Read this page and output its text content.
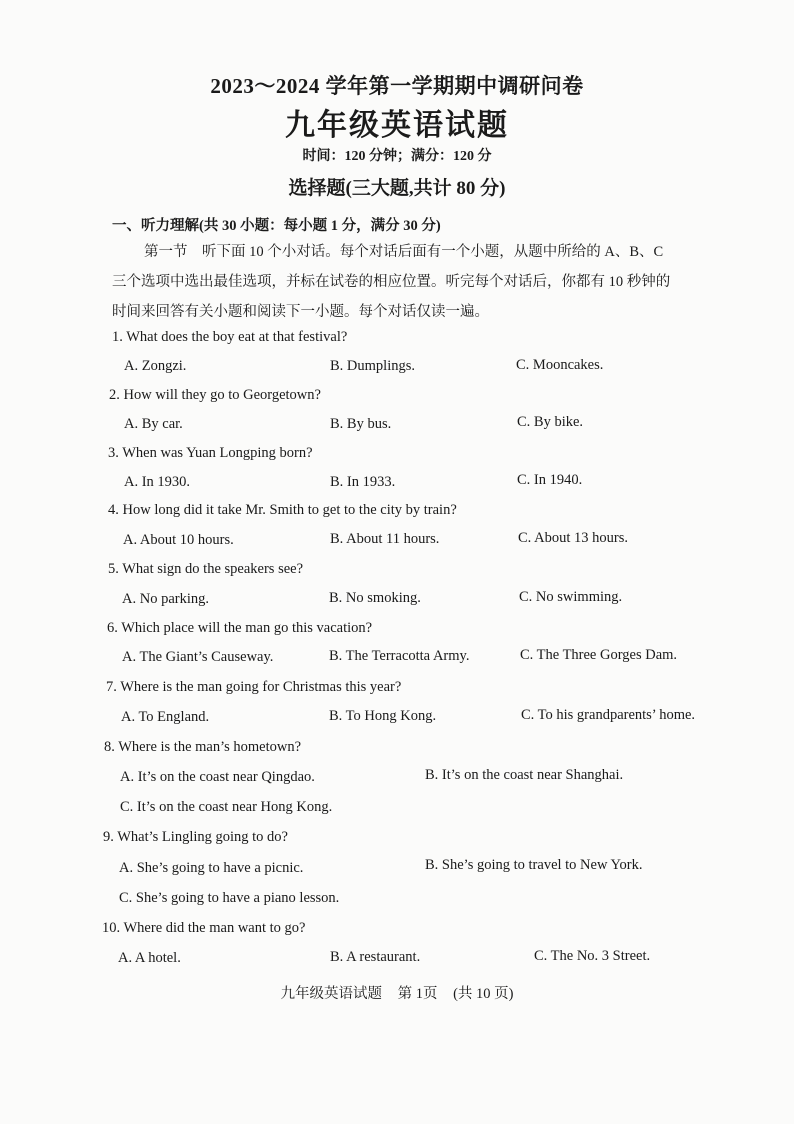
2023～2024 学年第一学期期中调研问卷
九年级英语试题
时间：120 分钟；满分：120 分
选择题(三大题,共计 80 分)
一、听力理解(共 30 小题：每小题 1 分，满分 30 分)

第一节　听下面 10 个小对话。每个对话后面有一个小题，从题中所给的 A、B、C

三个选项中选出最佳选项，并标在试卷的相应位置。听完每个对话后，你都有 10 秒钟的

时间来回答有关小题和阅读下一小题。每个对话仅读一遍。

1. What does the boy eat at that festival?
A. Zongzi.	B. Dumplings.	C. Mooncakes.
2. How will they go to Georgetown?
A. By car.	B. By bus.	C. By bike.
3. When was Yuan Longping born?
A. In 1930.	B. In 1933.	C. In 1940.
4. How long did it take Mr. Smith to get to the city by train?
A. About 10 hours.	B. About 11 hours.	C. About 13 hours.
5. What sign do the speakers see?
A. No parking.	B. No smoking.	C. No swimming.
6. Which place will the man go this vacation?
A. The Giant’s Causeway.	B. The Terracotta Army.	C. The Three Gorges Dam.
7. Where is the man going for Christmas this year?
A. To England.	B. To Hong Kong.	C. To his grandparents’ home.
8. Where is the man’s hometown?
A. It’s on the coast near Qingdao.	B. It’s on the coast near Shanghai.
C. It’s on the coast near Hong Kong.
9. What’s Lingling going to do?
A. She’s going to have a picnic.	B. She’s going to travel to New York.
C. She’s going to have a piano lesson.
10. Where did the man want to go?
A. A hotel.	B. A restaurant.	C. The No. 3 Street.
九年级英语试题 第 1页 (共 10 页)
